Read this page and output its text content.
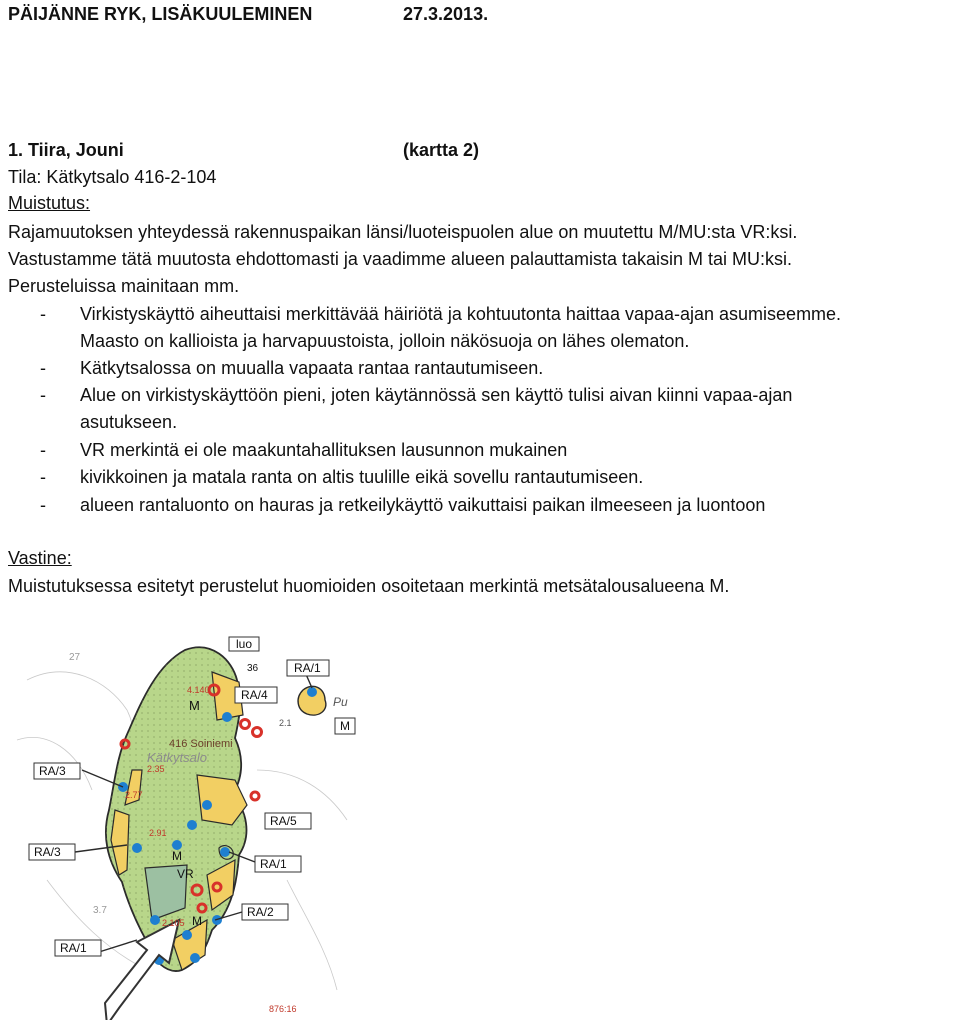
PÄIJÄNNE RYK, LISÄKUULEMINEN	27.3.2013.
1. Tiira, Jouni	(kartta 2)
Tila: Kätkytsalo 416-2-104
Muistutus:
Rajamuutoksen yhteydessä rakennuspaikan länsi/luoteispuolen alue on muutettu M/MU:sta VR:ksi.
Vastustamme tätä muutosta ehdottomasti ja vaadimme alueen palauttamista takaisin M tai MU:ksi.
Perusteluissa mainitaan mm.
- Virkistyskäyttö aiheuttaisi merkittävää häiriötä ja kohtuutonta haittaa vapaa-ajan asumiseemme.
Maasto on kallioista ja harvapuustoista, jolloin näkösuoja on lähes olematon.
- Kätkytsalossa on muualla vapaata rantaa rantautumiseen.
- Alue on virkistyskäyttöön pieni, joten käytännössä sen käyttö tulisi aivan kiinni vapaa-ajan
asutukseen.
- VR merkintä ei ole maakuntahallituksen lausunnon mukainen
- kivikkoinen ja matala ranta on altis tuulille eikä sovellu rantautumiseen.
- alueen rantaluonto on hauras ja retkeilykäyttö vaikuttaisi paikan ilmeeseen ja luontoon
Vastine:
Muistutuksessa esitetyt perustelut huomioiden osoitetaan merkintä metsätalousalueena M.
luo
36	RA/1
RA/4
M
4.140
M
Pu
2.1
416 Soiniemi
Kätkytsalo
2.35
2.77
2.91
RA/3
RA/3
RA/5
RA/1
VR
M
RA/2
M
2.105
RA/1
27
3.7
876:16
